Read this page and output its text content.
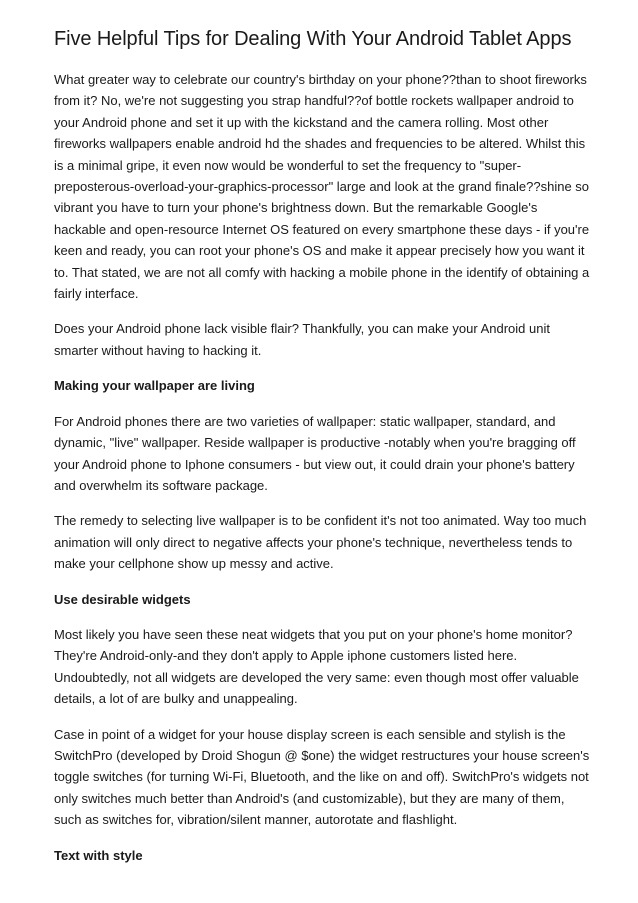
Five Helpful Tips for Dealing With Your Android Tablet Apps
What greater way to celebrate our country's birthday on your phone??than to shoot fireworks
from it? No, we're not suggesting you strap handful??of bottle rockets wallpaper android to
your Android phone and set it up with the kickstand and the camera rolling. Most other
fireworks wallpapers enable android hd the shades and frequencies to be altered. Whilst this
is a minimal gripe, it even now would be wonderful to set the frequency to "super-
preposterous-overload-your-graphics-processor" large and look at the grand finale??shine so
vibrant you have to turn your phone's brightness down. But the remarkable Google's
hackable and open-resource Internet OS featured on every smartphone these days - if you're
keen and ready, you can root your phone's OS and make it appear precisely how you want it
to. That stated, we are not all comfy with hacking a mobile phone in the identify of obtaining a
fairly interface.
Does your Android phone lack visible flair? Thankfully, you can make your Android unit
smarter without having to hacking it.
Making your wallpaper are living
For Android phones there are two varieties of wallpaper: static wallpaper, standard, and
dynamic, "live" wallpaper. Reside wallpaper is productive -notably when you're bragging off
your Android phone to Iphone consumers - but view out, it could drain your phone's battery
and overwhelm its software package.
The remedy to selecting live wallpaper is to be confident it's not too animated. Way too much
animation will only direct to negative affects your phone's technique, nevertheless tends to
make your cellphone show up messy and active.
Use desirable widgets
Most likely you have seen these neat widgets that you put on your phone's home monitor?
They're Android-only-and they don't apply to Apple iphone customers listed here.
Undoubtedly, not all widgets are developed the very same: even though most offer valuable
details, a lot of are bulky and unappealing.
Case in point of a widget for your house display screen is each sensible and stylish is the
SwitchPro (developed by Droid Shogun @ $one) the widget restructures your house screen's
toggle switches (for turning Wi-Fi, Bluetooth, and the like on and off). SwitchPro's widgets not
only switches much better than Android's (and customizable), but they are many of them,
such as switches for, vibration/silent manner, autorotate and flashlight.
Text with style
